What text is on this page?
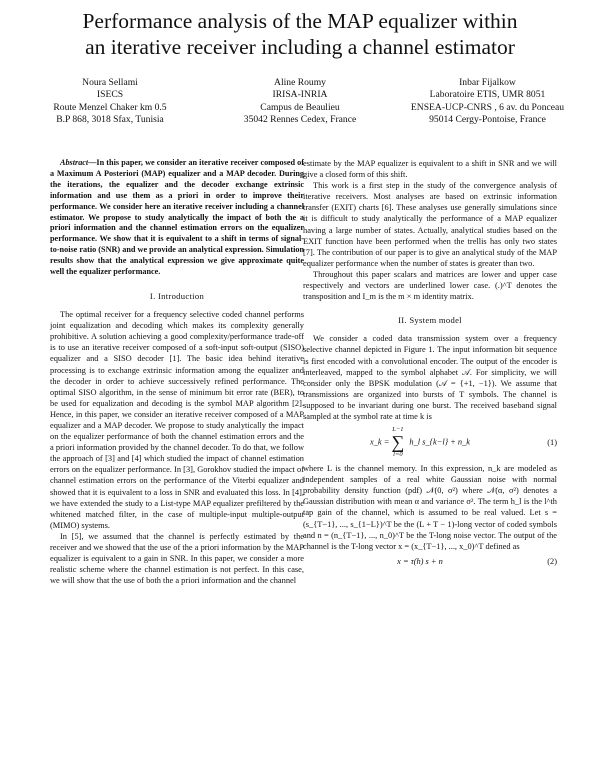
Performance analysis of the MAP equalizer within
an iterative receiver including a channel estimator
Noura Sellami
ISECS
Route Menzel Chaker km 0.5
B.P 868, 3018 Sfax, Tunisia
Aline Roumy
IRISA-INRIA
Campus de Beaulieu
35042 Rennes Cedex, France
Inbar Fijalkow
Laboratoire ETIS, UMR 8051
ENSEA-UCP-CNRS , 6 av. du Ponceau
95014 Cergy-Pontoise, France

Abstract—In this paper, we consider an iterative receiver composed of a Maximum A Posteriori (MAP) equalizer and a MAP decoder. During the iterations, the equalizer and the decoder exchange extrinsic information and use them as a priori in order to improve their performance. We consider here an iterative receiver including a channel estimator. We propose to study analytically the impact of both the a priori information and the channel estimation errors on the equalizer performance. We show that it is equivalent to a shift in terms of signal-to-noise ratio (SNR) and we provide an analytical expression. Simulation results show that the analytical expression we give approximate quite well the equalizer performance.

I. Introduction

The optimal receiver for a frequency selective coded channel performs joint equalization and decoding which makes its complexity generally prohibitive. A solution achieving a good complexity/performance trade-off is to use an iterative receiver composed of a soft-input soft-output (SISO) equalizer and a SISO decoder [1]. The basic idea behind iterative processing is to exchange extrinsic information among the equalizer and the decoder in order to achieve successively refined performance. The optimal SISO algorithm, in the sense of minimum bit error rate (BER), to be used for equalization and decoding is the symbol MAP algorithm [2]. Hence, in this paper, we consider an iterative receiver composed of a MAP equalizer and a MAP decoder. We propose to study analytically the impact on the equalizer performance of both the channel estimation errors and the a priori information provided by the channel decoder. To do that, we follow the approach of [3] and [4] which studied the impact of channel estimation errors on the equalizer performance. In [3], Gorokhov studied the impact of channel estimation errors on the performance of the Viterbi equalizer and showed that it is equivalent to a loss in SNR and evaluated this loss. In [4], we have extended the study to a List-type MAP equalizer prefiltered by the whitened matched filter, in the case of multiple-input multiple-output (MIMO) systems.

In [5], we assumed that the channel is perfectly estimated by the receiver and we showed that the use of the a priori information by the MAP equalizer is equivalent to a gain in SNR. In this paper, we consider a more realistic scheme where the channel estimation is not perfect. In this case, we will show that the use of both the a priori information and the channel

estimate by the MAP equalizer is equivalent to a shift in SNR and we will give a closed form of this shift.

This work is a first step in the study of the convergence analysis of iterative receivers. Most analyses are based on extrinsic information transfer (EXIT) charts [6]. These analyses use generally simulations since it is difficult to study analytically the performance of a MAP equalizer having a large number of states. Actually, analytical studies based on the EXIT function have been performed when the trellis has only two states [7]. The contribution of our paper is to give an analytical study of the MAP equalizer performance when the number of states is greater than two.

Throughout this paper scalars and matrices are lower and upper case respectively and vectors are underlined lower case. (.)^T denotes the transposition and I_m is the m × m identity matrix.

II. System model

We consider a coded data transmission system over a frequency selective channel depicted in Figure 1. The input information bit sequence is first encoded with a convolutional encoder. The output of the encoder is interleaved, mapped to the symbol alphabet 𝒜. For simplicity, we will consider only the BPSK modulation (𝒜 = {+1, −1}). We assume that transmissions are organized into bursts of T symbols. The channel is supposed to be invariant during one burst. The received baseband signal sampled at the symbol rate at time k is

x_k =
L−1
∑
l=0
h_l s_{k−l} + n_k	(1)

where L is the channel memory. In this expression, n_k are modeled as independent samples of a real white Gaussian noise with normal probability density function (pdf) 𝒩(0, σ²) where 𝒩(α, σ²) denotes a Gaussian distribution with mean α and variance σ². The term h_l is the l^th tap gain of the channel, which is assumed to be real valued. Let s = (s_{T−1}, ..., s_{1−L})^T be the (L + T − 1)-long vector of coded symbols and n = (n_{T−1}, ..., n_0)^T be the T-long noise vector. The output of the channel is the T-long vector x = (x_{T−1}, ..., x_0)^T defined as

x = τ(h) s + n	(2)
